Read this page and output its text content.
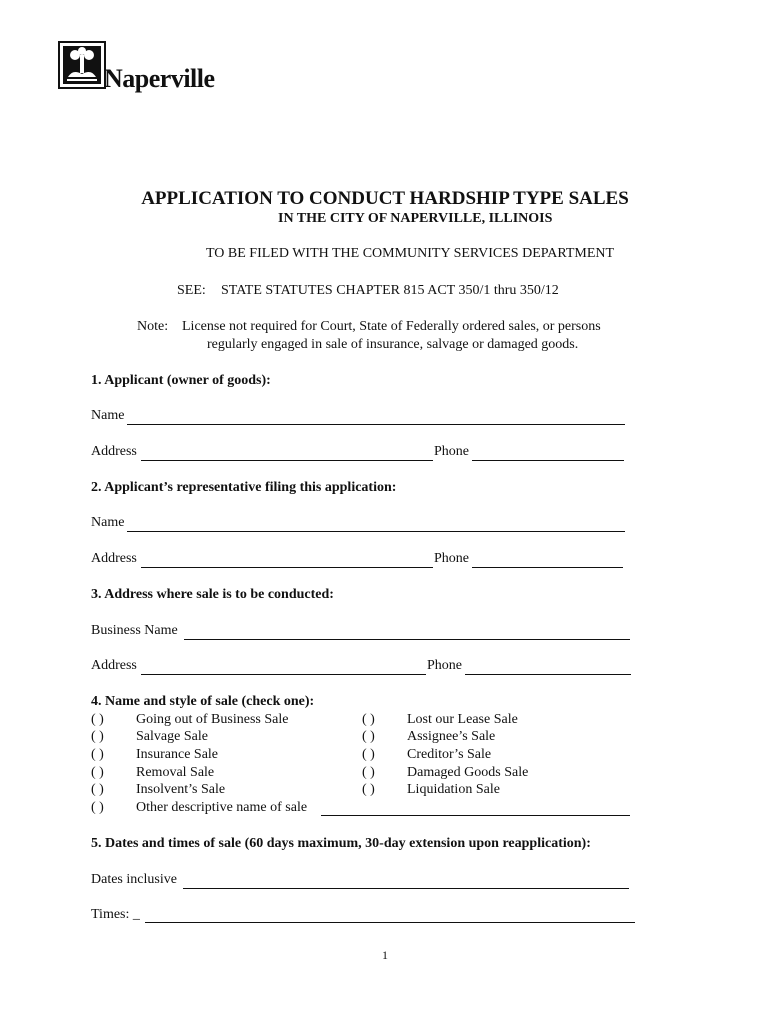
Naperville
APPLICATION TO CONDUCT HARDSHIP TYPE SALES
IN THE CITY OF NAPERVILLE, ILLINOIS
TO BE FILED WITH THE COMMUNITY SERVICES DEPARTMENT
SEE: STATE STATUTES CHAPTER 815 ACT 350/1 thru 350/12
Note: License not required for Court, State of Federally ordered sales, or persons
regularly engaged in sale of insurance, salvage or damaged goods.
1. Applicant (owner of goods):
Name
Address	Phone
2. Applicant’s representative filing this application:
Name
Address	Phone
3. Address where sale is to be conducted:
Business Name
Address	Phone
4. Name and style of sale (check one):
( ) Going out of Business Sale	( ) Lost our Lease Sale
( ) Salvage Sale	( ) Assignee’s Sale
( ) Insurance Sale	( ) Creditor’s Sale
( ) Removal Sale	( ) Damaged Goods Sale
( ) Insolvent’s Sale	( ) Liquidation Sale
( ) Other descriptive name of sale
5. Dates and times of sale (60 days maximum, 30-day extension upon reapplication):
Dates inclusive
Times: _
1
